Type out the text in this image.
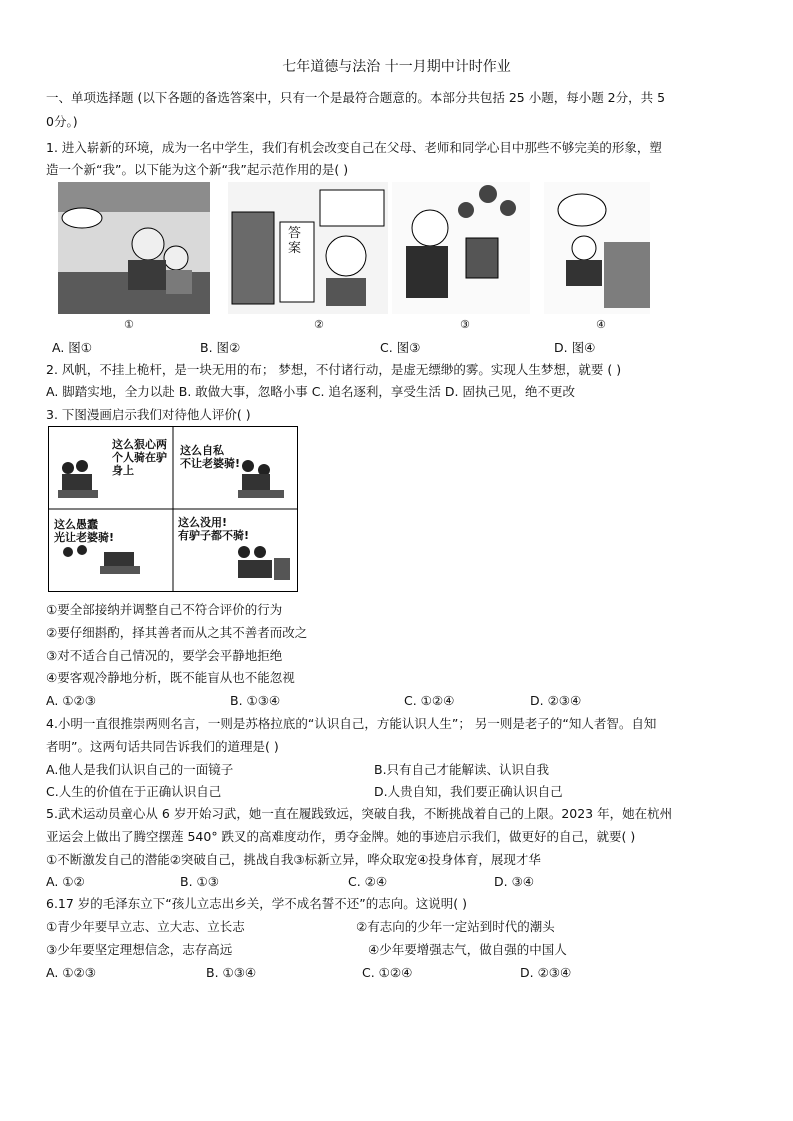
七年道德与法治 十一月期中计时作业
一、单项选择题 (以下各题的备选答案中，只有一个是最符合题意的。本部分共包括 25 小题，每小题 2分，共 5
0分。)
1. 进入崭新的环境，成为一名中学生，我们有机会改变自己在父母、老师和同学心目中那些不够完美的形象，塑
造一个新“我”。以下能为这个新“我”起示范作用的是( )
①
答案
②	③	④
A. 图①	B. 图②	C. 图③	D. 图④
2. 风帆，不挂上桅杆，是一块无用的布； 梦想，不付诸行动，是虚无缥缈的雾。实现人生梦想，就要 ( )
A. 脚踏实地，全力以赴 B. 敢做大事，忽略小事 C. 追名逐利，享受生活 D. 固执己见，绝不更改
3. 下图漫画启示我们对待他人评价( )
这么狠心两
个人骑在驴
身上
这么自私
不让老婆骑!
这么愚蠢
光让老婆骑!
这么没用!
有驴子都不骑!
①要全部接纳并调整自己不符合评价的行为
②要仔细斟酌，择其善者而从之其不善者而改之
③对不适合自己情况的，要学会平静地拒绝
④要客观冷静地分析，既不能盲从也不能忽视
A. ①②③	B. ①③④	C. ①②④	D. ②③④
4.小明一直很推崇两则名言，一则是苏格拉底的“认识自己，方能认识人生”； 另一则是老子的“知人者智。自知
者明”。这两句话共同告诉我们的道理是( )
A.他人是我们认识自己的一面镜子	B.只有自己才能解读、认识自我
C.人生的价值在于正确认识自己	D.人贵自知，我们要正确认识自己
5.武术运动员童心从 6 岁开始习武，她一直在履践致远，突破自我，不断挑战着自己的上限。2023 年，她在杭州
亚运会上做出了腾空摆莲 540° 跌叉的高难度动作，勇夺金牌。她的事迹启示我们，做更好的自己，就要( )
①不断激发自己的潜能②突破自己，挑战自我③标新立异，哗众取宠④投身体育，展现才华
A. ①②	B. ①③	C. ②④	D. ③④
6.17 岁的毛泽东立下“孩儿立志出乡关，学不成名誓不还”的志向。这说明( )
①青少年要早立志、立大志、立长志	②有志向的少年一定站到时代的潮头
③少年要坚定理想信念，志存高远	④少年要增强志气，做自强的中国人
A. ①②③	B. ①③④	C. ①②④	D. ②③④
